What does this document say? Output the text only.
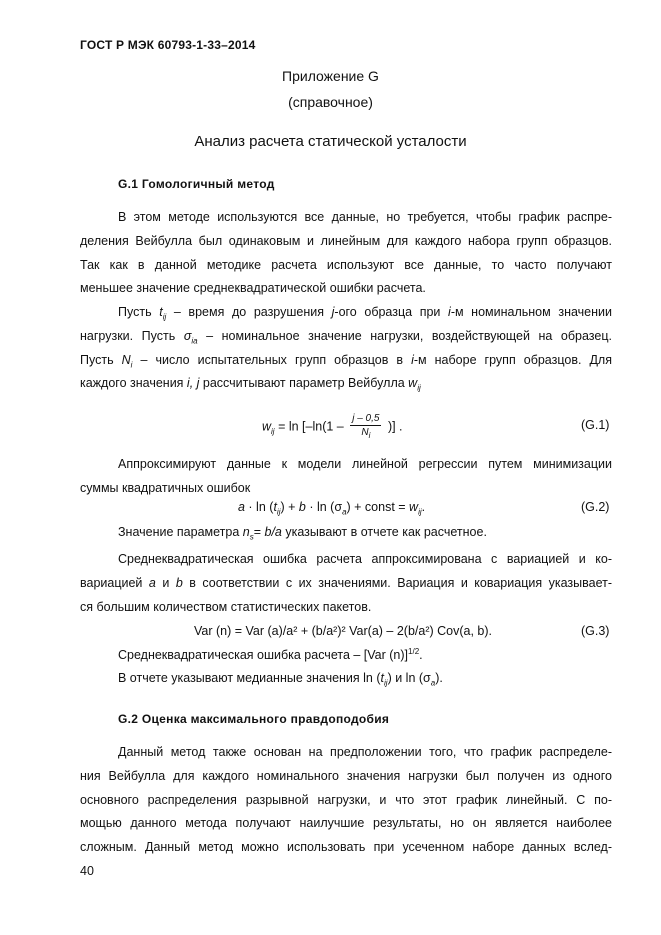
ГОСТ Р МЭК 60793-1-33–2014
Приложение G
(справочное)
Анализ расчета статической усталости
G.1 Гомологичный метод
В этом методе используются все данные, но требуется, чтобы график распре-
деления Вейбулла был одинаковым и линейным для каждого набора групп образцов.
Так как в данной методике расчета используют все данные, то часто получают
меньшее значение среднеквадратической ошибки расчета.
Пусть $t_{ij}$ – время до разрушения j-ого образца при i-м номинальном значении
нагрузки. Пусть $\sigma_{ia}$ – номинальное значение нагрузки, воздействующей на образец.
Пусть $N_i$ – число испытательных групп образцов в i-м наборе групп образцов. Для
каждого значения i, j рассчитывают параметр Вейбулла $w_{ij}$
$w_{ij} = \ln [-\ln(1 - \frac{j - 0,5}{N_i}$ )] .	(G.1)
Аппроксимируют данные к модели линейной регрессии путем минимизации
суммы квадратичных ошибок
$a \cdot \ln (t_{ij}) + b \cdot \ln (\sigma_a)$ + const = $w_{ij}$.	(G.2)
Значение параметра $n_s= b/a$ указывают в отчете как расчетное.
Среднеквадратическая ошибка расчета аппроксимирована с вариацией и ко-
вариацией a и b в соответствии с их значениями. Вариация и ковариация указывает-
ся большим количеством статистических пакетов.
Var (n) = Var (a)/a² + (b/a²)² Var(a) – 2(b/a²) Cov(a, b).	(G.3)
Среднеквадратическая ошибка расчета – [Var (n)]$^{1/2}$.
В отчете указывают медианные значения $\ln (t_{ij})$ и $\ln (\sigma_a)$.
G.2 Оценка максимального правдоподобия
Данный метод также основан на предположении того, что график распределе-
ния Вейбулла для каждого номинального значения нагрузки был получен из одного
основного распределения разрывной нагрузки, и что этот график линейный. С по-
мощью данного метода получают наилучшие результаты, но он является наиболее
сложным. Данный метод можно использовать при усеченном наборе данных вслед-
40
